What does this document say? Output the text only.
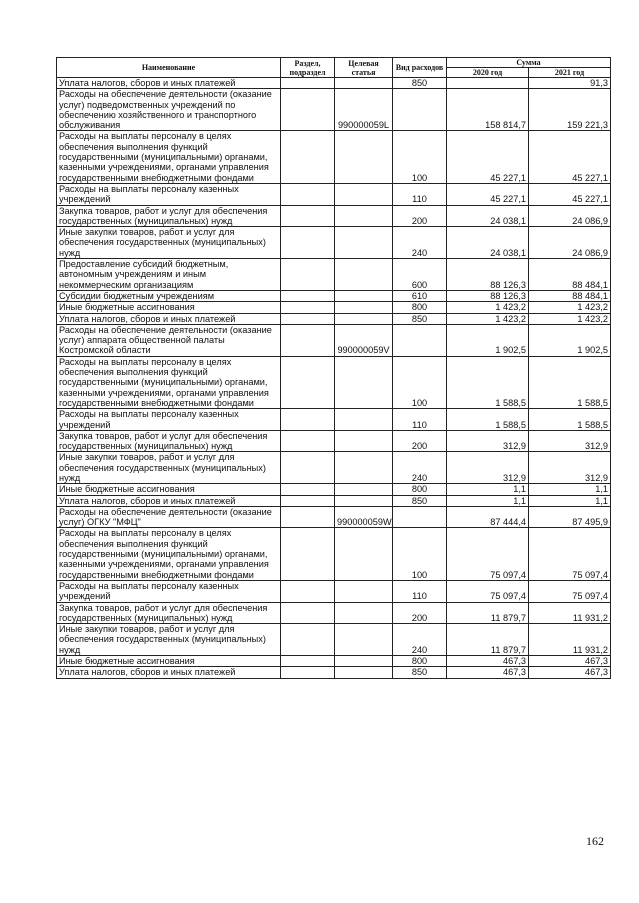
Наименование	Раздел, подраздел	Целевая статья	Вид расходов	Сумма	
				2020 год	2021 год
Уплата налогов, сборов и иных платежей			850		91,3
Расходы на обеспечение деятельности (оказание услуг) подведомственных учреждений по обеспечению хозяйственного и транспортного обслуживания		990000059L		158 814,7	159 221,3
Расходы на выплаты персоналу в целях обеспечения выполнения функций государственными (муниципальными) органами, казенными учреждениями, органами управления государственными внебюджетными фондами			100	45 227,1	45 227,1
Расходы на выплаты персоналу казенных учреждений			110	45 227,1	45 227,1
Закупка товаров, работ и услуг для обеспечения государственных (муниципальных) нужд			200	24 038,1	24 086,9
Иные закупки товаров, работ и услуг для обеспечения государственных (муниципальных) нужд			240	24 038,1	24 086,9
Предоставление субсидий бюджетным, автономным учреждениям и иным некоммерческим организациям			600	88 126,3	88 484,1
Субсидии бюджетным учреждениям			610	88 126,3	88 484,1
Иные бюджетные ассигнования			800	1 423,2	1 423,2
Уплата налогов, сборов и иных платежей			850	1 423,2	1 423,2
Расходы на обеспечение деятельности (оказание услуг) аппарата общественной палаты Костромской области		990000059V		1 902,5	1 902,5
Расходы на выплаты персоналу в целях обеспечения выполнения функций государственными (муниципальными) органами, казенными учреждениями, органами управления государственными внебюджетными фондами			100	1 588,5	1 588,5
Расходы на выплаты персоналу казенных учреждений			110	1 588,5	1 588,5
Закупка товаров, работ и услуг для обеспечения государственных (муниципальных) нужд			200	312,9	312,9
Иные закупки товаров, работ и услуг для обеспечения государственных (муниципальных) нужд			240	312,9	312,9
Иные бюджетные ассигнования			800	1,1	1,1
Уплата налогов, сборов и иных платежей			850	1,1	1,1
Расходы на обеспечение деятельности (оказание услуг) ОГКУ "МФЦ"		990000059W		87 444,4	87 495,9
Расходы на выплаты персоналу в целях обеспечения выполнения функций государственными (муниципальными) органами, казенными учреждениями, органами управления государственными внебюджетными фондами			100	75 097,4	75 097,4
Расходы на выплаты персоналу казенных учреждений			110	75 097,4	75 097,4
Закупка товаров, работ и услуг для обеспечения государственных (муниципальных) нужд			200	11 879,7	11 931,2
Иные закупки товаров, работ и услуг для обеспечения государственных (муниципальных) нужд			240	11 879,7	11 931,2
Иные бюджетные ассигнования			800	467,3	467,3
Уплата налогов, сборов и иных платежей			850	467,3	467,3
162
